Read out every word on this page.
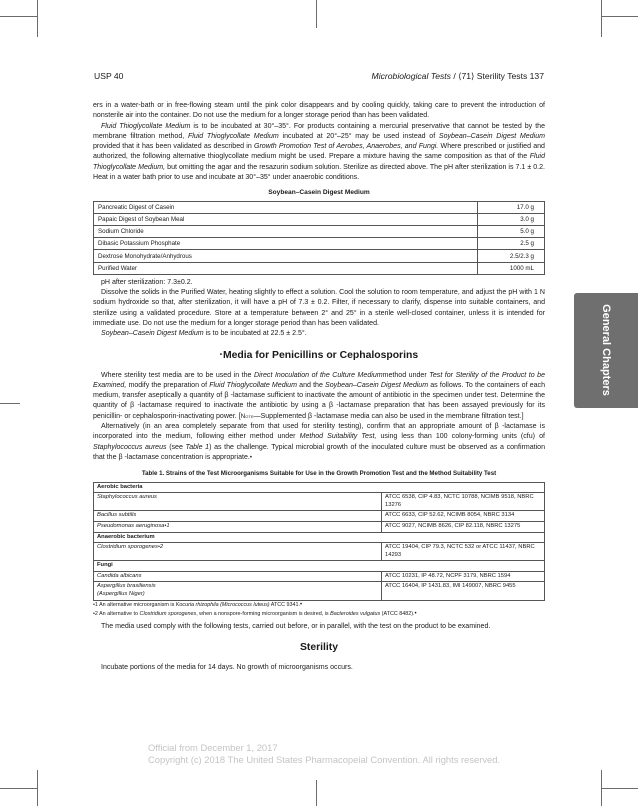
USP 40	Microbiological Tests / ⟨71⟩ Sterility Tests 137
General Chapters

ers in a water-bath or in free-flowing steam until the pink color disappears and by cooling quickly, taking care to prevent the introduction of nonsterile air into the container. Do not use the medium for a longer storage period than has been validated.

Fluid Thioglycollate Medium is to be incubated at 30°–35°. For products containing a mercurial preservative that cannot be tested by the membrane filtration method, Fluid Thioglycollate Medium incubated at 20°–25° may be used instead of Soybean–Casein Digest Medium provided that it has been validated as described in Growth Promotion Test of Aerobes, Anaerobes, and Fungi. Where prescribed or justified and authorized, the following alternative thioglycollate medium might be used. Prepare a mixture having the same composition as that of the Fluid Thioglycollate Medium, but omitting the agar and the resazurin sodium solution. Sterilize as directed above. The pH after sterilization is 7.1 ± 0.2. Heat in a water bath prior to use and incubate at 30°–35° under anaerobic conditions.

Soybean–Casein Digest Medium
Pancreatic Digest of Casein	17.0 g
Papaic Digest of Soybean Meal	3.0 g
Sodium Chloride	5.0 g
Dibasic Potassium Phosphate	2.5 g
Dextrose Monohydrate/Anhydrous	2.5/2.3 g
Purified Water	1000 mL

pH after sterilization: 7.3±0.2.

Dissolve the solids in the Purified Water, heating slightly to effect a solution. Cool the solution to room temperature, and adjust the pH with 1 N sodium hydroxide so that, after sterilization, it will have a pH of 7.3 ± 0.2. Filter, if necessary to clarify, dispense into suitable containers, and sterilize using a validated procedure. Store at a temperature between 2° and 25° in a sterile well-closed container, unless it is intended for immediate use. Do not use the medium for a longer storage period than has been validated.

Soybean–Casein Digest Medium is to be incubated at 22.5 ± 2.5°.

•Media for Penicillins or Cephalosporins

Where sterility test media are to be used in the Direct Inoculation of the Culture Mediummethod under Test for Sterility of the Product to be Examined, modify the preparation of Fluid Thioglycollate Medium and the Soybean–Casein Digest Medium as follows. To the containers of each medium, transfer aseptically a quantity of β -lactamase sufficient to inactivate the amount of antibiotic in the specimen under test. Determine the quantity of β -lactamase required to inactivate the antibiotic by using a β -lactamase preparation that has been assayed previously for its penicillin- or cephalosporin-inactivating power. [Note—Supplemented β -lactamase media can also be used in the membrane filtration test.]

Alternatively (in an area completely separate from that used for sterility testing), confirm that an appropriate amount of β -lactamase is incorporated into the medium, following either method under Method Suitability Test, using less than 100 colony-forming units (cfu) of Staphylococcus aureus (see Table 1) as the challenge. Typical microbial growth of the inoculated culture must be observed as a confirmation that the β -lactamase concentration is appropriate.•

Table 1. Strains of the Test Microorganisms Suitable for Use in the Growth Promotion Test and the Method Suitability Test
Aerobic bacteria	
Staphylococcus aureus	ATCC 6538, CIP 4.83, NCTC 10788, NCIMB 9518, NBRC
13276
Bacillus subtilis	ATCC 6633, CIP 52.62, NCIMB 8054, NBRC 3134
Pseudomonas aeruginosa•1	ATCC 9027, NCIMB 8626, CIP 82.118, NBRC 13275
Anaerobic bacterium	
Clostridium sporogenes•2	ATCC 19404, CIP 79.3, NCTC 532 or ATCC 11437, NBRC
14293
Fungi	
Candida albicans	ATCC 10231, IP 48.72, NCPF 3179, NBRC 1594
Aspergillus brasiliensis
(Aspergillus Niger)	ATCC 16404, IP 1431.83, IMI 149007, NBRC 9455

•1 An alternative microorganism is Kocuria rhizophila (Micrococcus luteus) ATCC 9341.•
•2 An alternative to Clostridium sporogenes, when a nonspore-forming microorganism is desired, is Bacteroides vulgatus (ATCC 8482).•

The media used comply with the following tests, carried out before, or in parallel, with the test on the product to be examined.

Sterility

Incubate portions of the media for 14 days. No growth of microorganisms occurs.

Official from December 1, 2017
Copyright (c) 2018 The United States Pharmacopeial Convention. All rights reserved.
